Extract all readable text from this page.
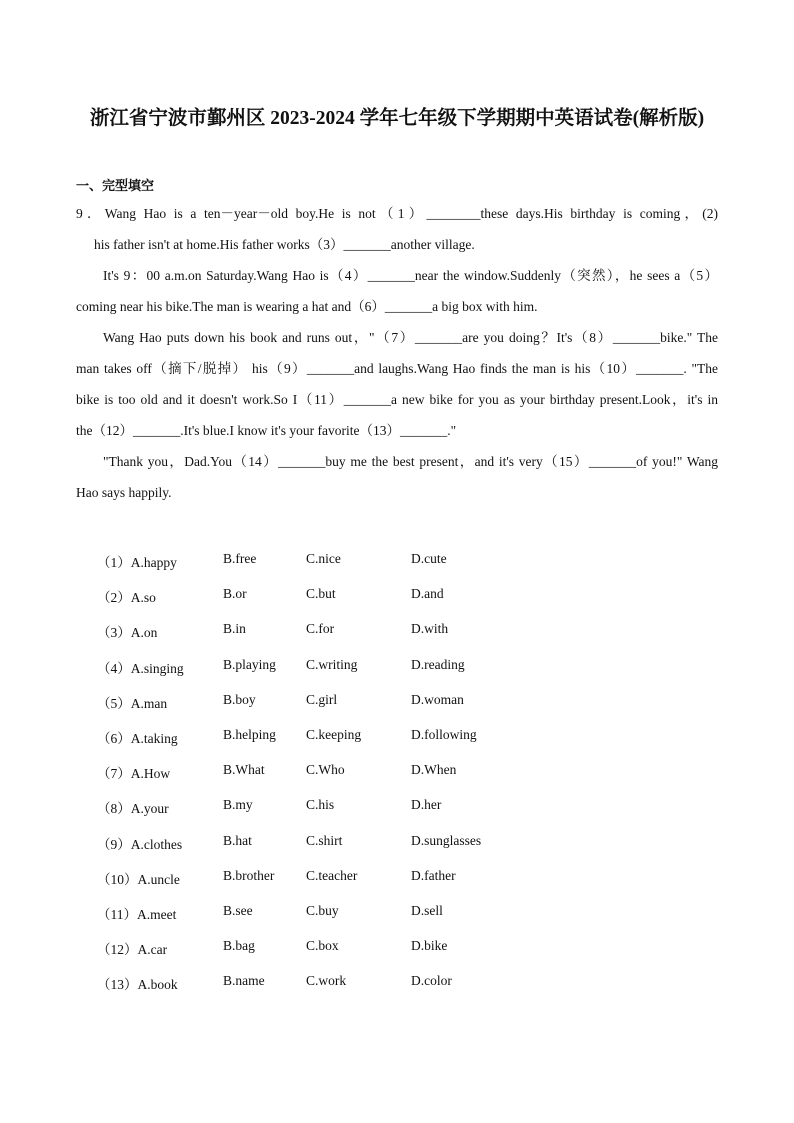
浙江省宁波市鄞州区 2023-2024 学年七年级下学期期中英语试卷(解析版)
一、完型填空
9．Wang Hao is a ten－year－old boy.He is not（1）________these days.His birthday is coming，(2)
his father isn't at home.His father works（3）_______another village.
It's 9：00 a.m.on Saturday.Wang Hao is（4）_______near the window.Suddenly（突然），he sees a（5）
coming near his bike.The man is wearing a hat and（6）_______a big box with him.
Wang Hao puts down his book and runs out，"（7）_______are you doing？It's（8）_______bike." The
man takes off（摘下/脱掉） his（9）_______and laughs.Wang Hao finds the man is his（10）_______. "The
bike is too old and it doesn't work.So I（11）_______a new bike for you as your birthday present.Look，it's in
the（12）_______.It's blue.I know it's your favorite（13）_______."
"Thank you，Dad.You（14）_______buy me the best present，and it's very（15）_______of you!" Wang
Hao says happily.
（1）A.happy	B.free	C.nice	D.cute
（2）A.so	B.or	C.but	D.and
（3）A.on	B.in	C.for	D.with
（4）A.singing	B.playing C.writing	D.reading
（5）A.man	B.boy	C.girl	D.woman
（6）A.taking	B.helping C.keeping	D.following
（7）A.How	B.What	C.Who	D.When
（8）A.your	B.my	C.his	D.her
（9）A.clothes	B.hat	C.shirt	D.sunglasses
（10）A.uncle	B.brother C.teacher	D.father
（11）A.meet	B.see	C.buy	D.sell
（12）A.car	B.bag	C.box	D.bike
（13）A.book	B.name	C.work	D.color
